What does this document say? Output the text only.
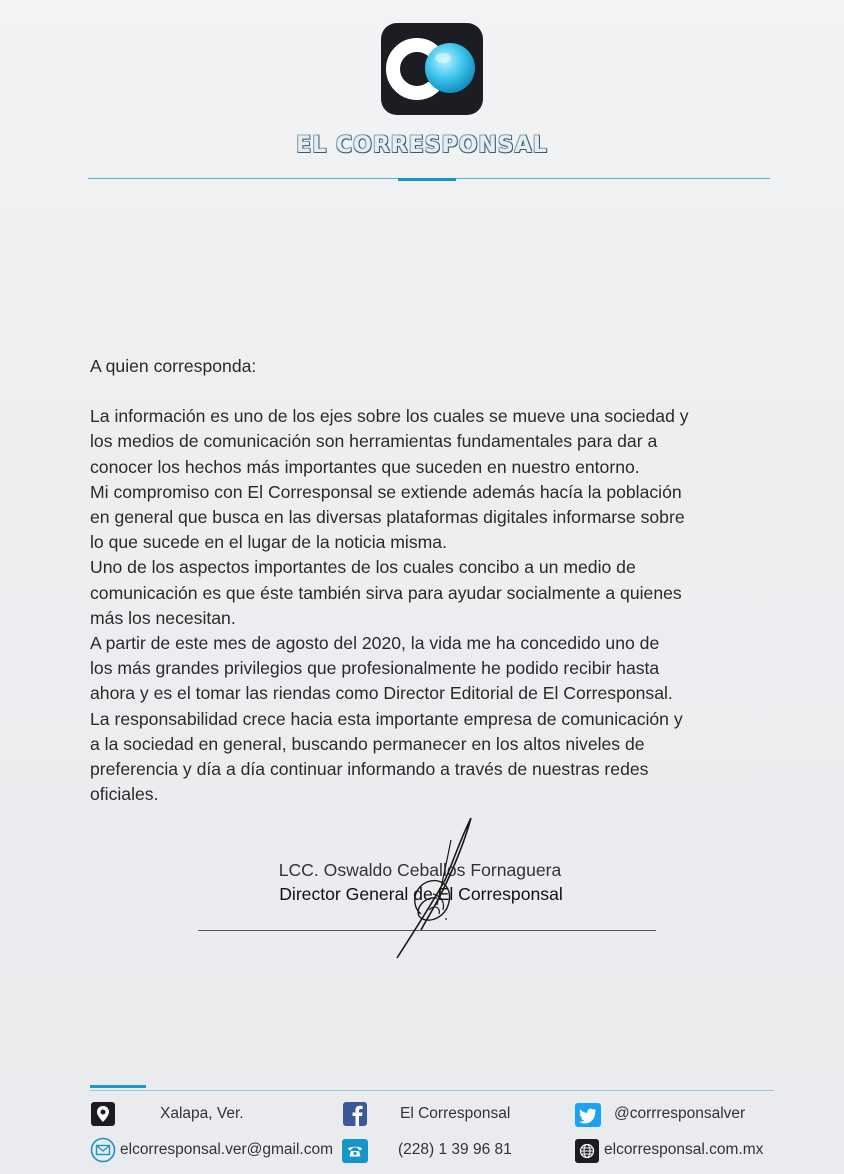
EL CORRESPONSAL

A quien corresponda:

La información es uno de los ejes sobre los cuales se mueve una sociedad y

los medios de comunicación son herramientas fundamentales para dar a

conocer los hechos más importantes que suceden en nuestro entorno.

Mi compromiso con El Corresponsal se extiende además hacía la población

en general que busca en las diversas plataformas digitales informarse sobre

lo que sucede en el lugar de la noticia misma.

Uno de los aspectos importantes de los cuales concibo a un medio de

comunicación es que éste también sirva para ayudar socialmente a quienes

más los necesitan.

A partir de este mes de agosto del 2020, la vida me ha concedido uno de

los más grandes privilegios que profesionalmente he podido recibir hasta

ahora y es el tomar las riendas como Director Editorial de El Corresponsal.

La responsabilidad crece hacia esta importante empresa de comunicación y

a la sociedad en general, buscando permanecer en los altos niveles de

preferencia y día a día continuar informando a través de nuestras redes

oficiales.

LCC. Oswaldo Ceballos Fornaguera
Director General de El Corresponsal
Xalapa, Ver.	El Corresponsal	@corrresponsalver
elcorresponsal.ver@gmail.com	(228) 1 39 96 81	elcorresponsal.com.mx
